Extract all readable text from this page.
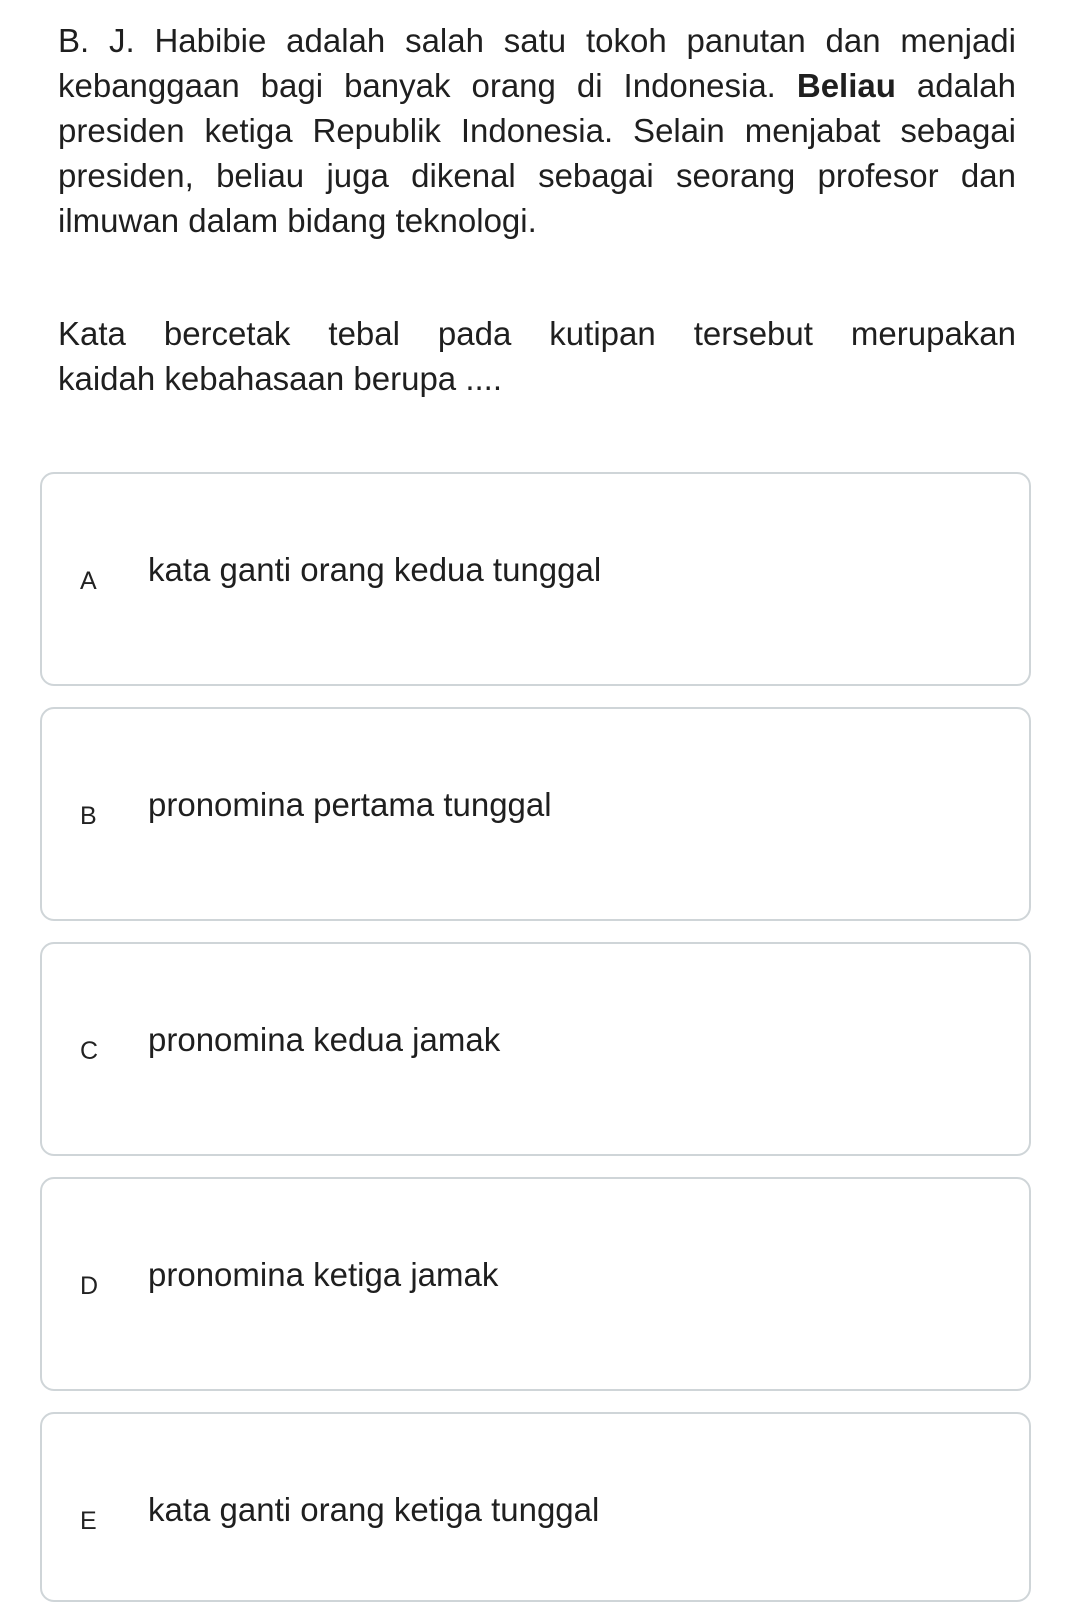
B. J. Habibie adalah salah satu tokoh panutan dan menjadi kebanggaan bagi banyak orang di Indonesia. Beliau adalah presiden ketiga Republik Indonesia. Selain menjabat sebagai presiden, beliau juga dikenal sebagai seorang profesor dan ilmuwan dalam bidang teknologi.

Kata bercetak tebal pada kutipan tersebut merupakan
kaidah kebahasaan berupa ....

A kata ganti orang kedua tunggal
B pronomina pertama tunggal
C pronomina kedua jamak
D pronomina ketiga jamak
E kata ganti orang ketiga tunggal
